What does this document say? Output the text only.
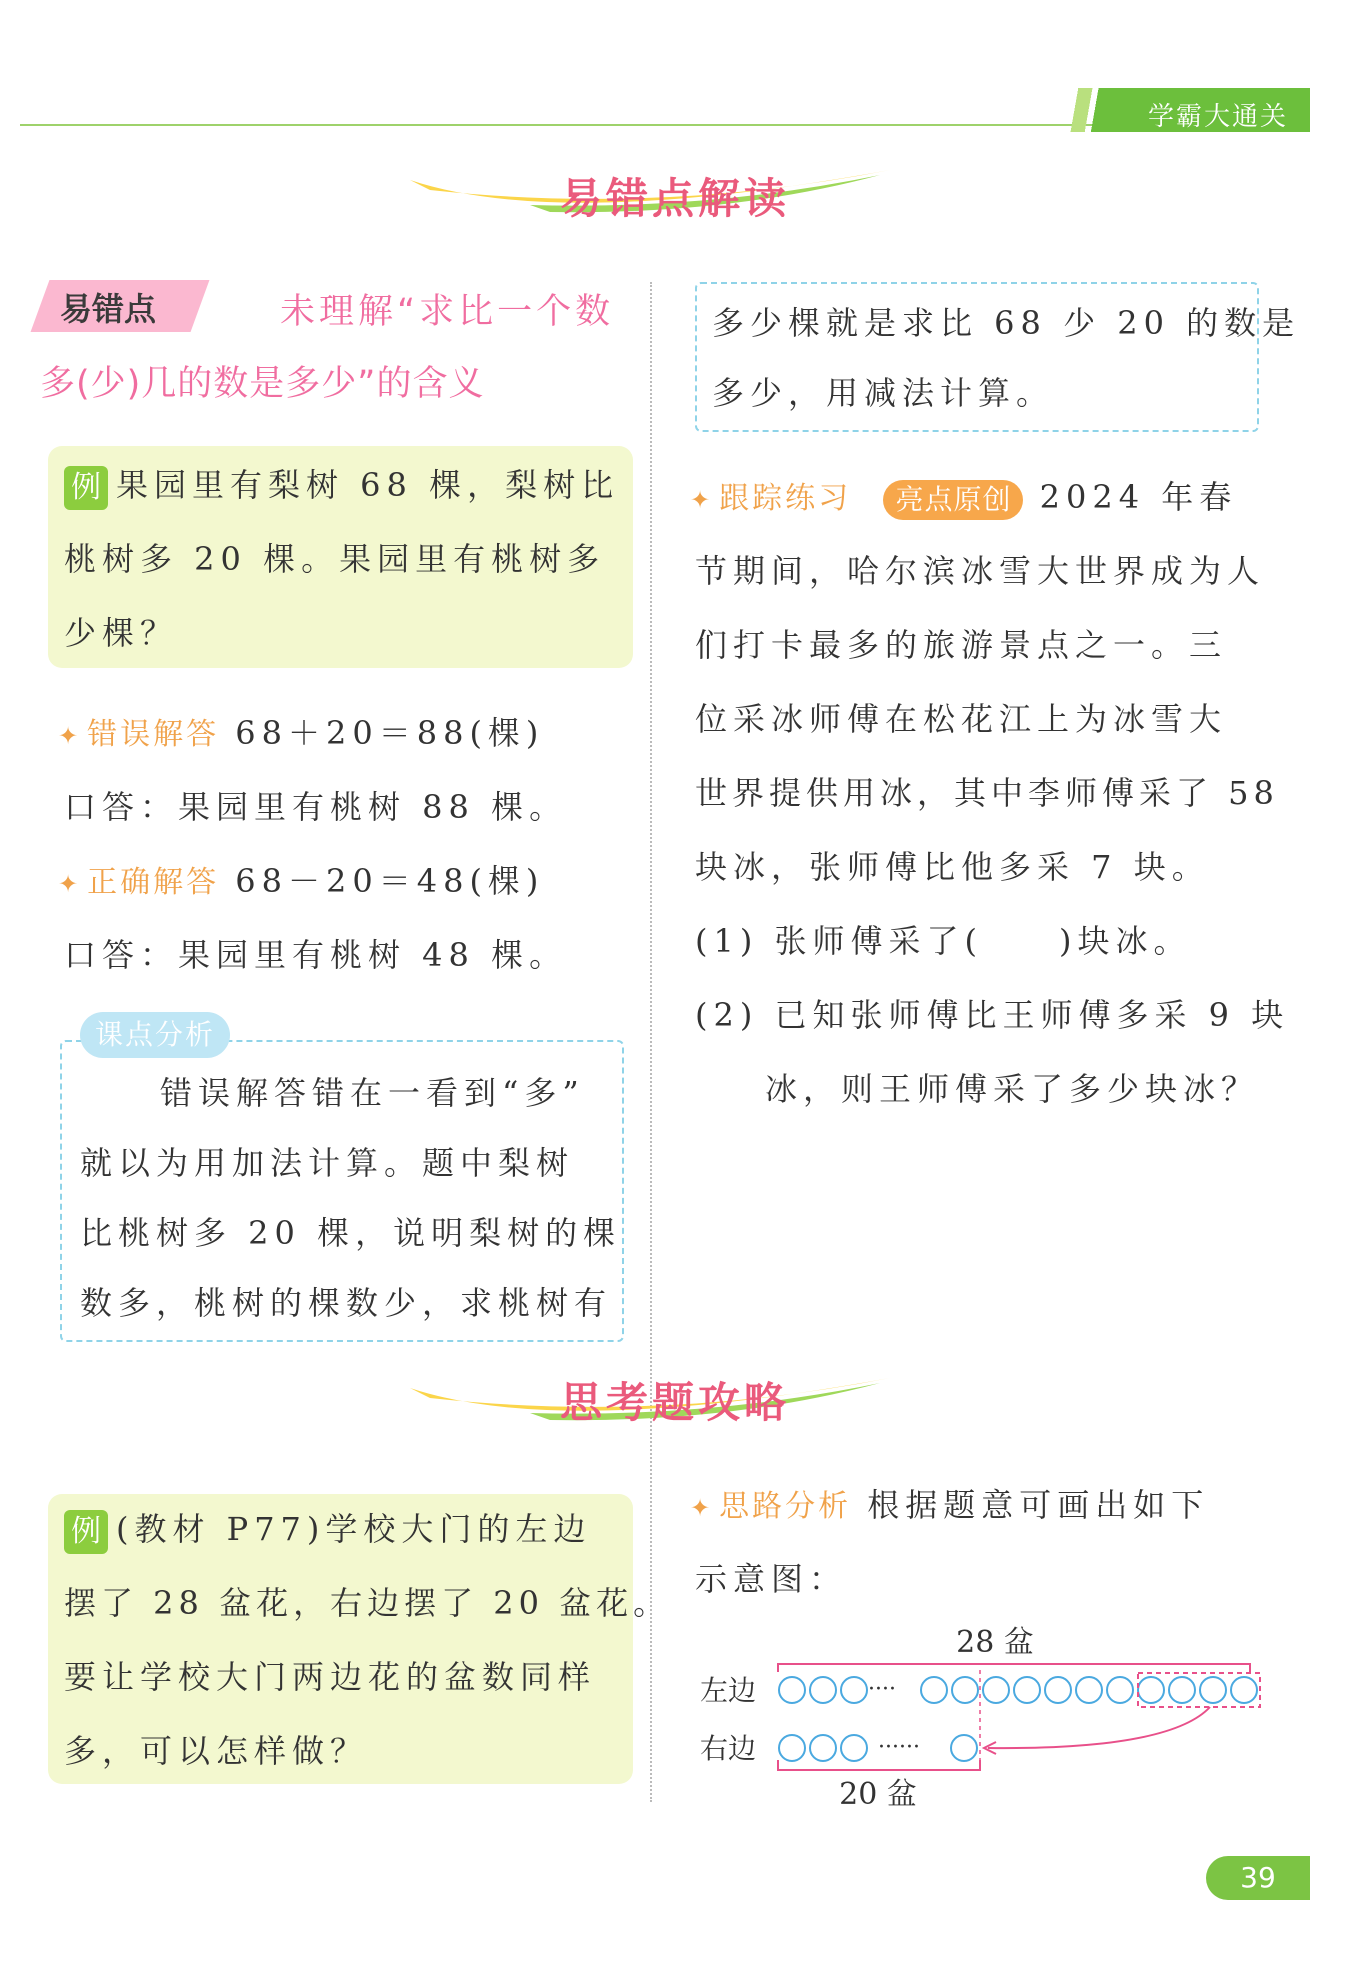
学霸大通关
易错点解读
易错点	未理解“求比一个数
多(少)几的数是多少”的含义
例 果园里有梨树 68 棵，梨树比
桃树多 20 棵。果园里有桃树多
少棵？
✦ 错误解答 68＋20＝88(棵)
口答：果园里有桃树 88 棵。
✦ 正确解答 68－20＝48(棵)
口答：果园里有桃树 48 棵。
课点分析
错误解答错在一看到“多”
就以为用加法计算。题中梨树
比桃树多 20 棵，说明梨树的棵
数多，桃树的棵数少，求桃树有
多少棵就是求比 68 少 20 的数是
多少，用减法计算。
✦ 跟踪练习 亮点原创 2024 年春
节期间，哈尔滨冰雪大世界成为人
们打卡最多的旅游景点之一。三
位采冰师傅在松花江上为冰雪大
世界提供用冰，其中李师傅采了 58
块冰，张师傅比他多采 7 块。
(1) 张师傅采了(　　)块冰。
(2) 已知张师傅比王师傅多采 9 块
冰，则王师傅采了多少块冰？
思考题攻略
例 (教材 P77)学校大门的左边
摆了 28 盆花，右边摆了 20 盆花。
要让学校大门两边花的盆数同样
多，可以怎样做？
✦ 思路分析 根据题意可画出如下
示意图：
28 盆
左边
右边
····
······
20 盆
39
